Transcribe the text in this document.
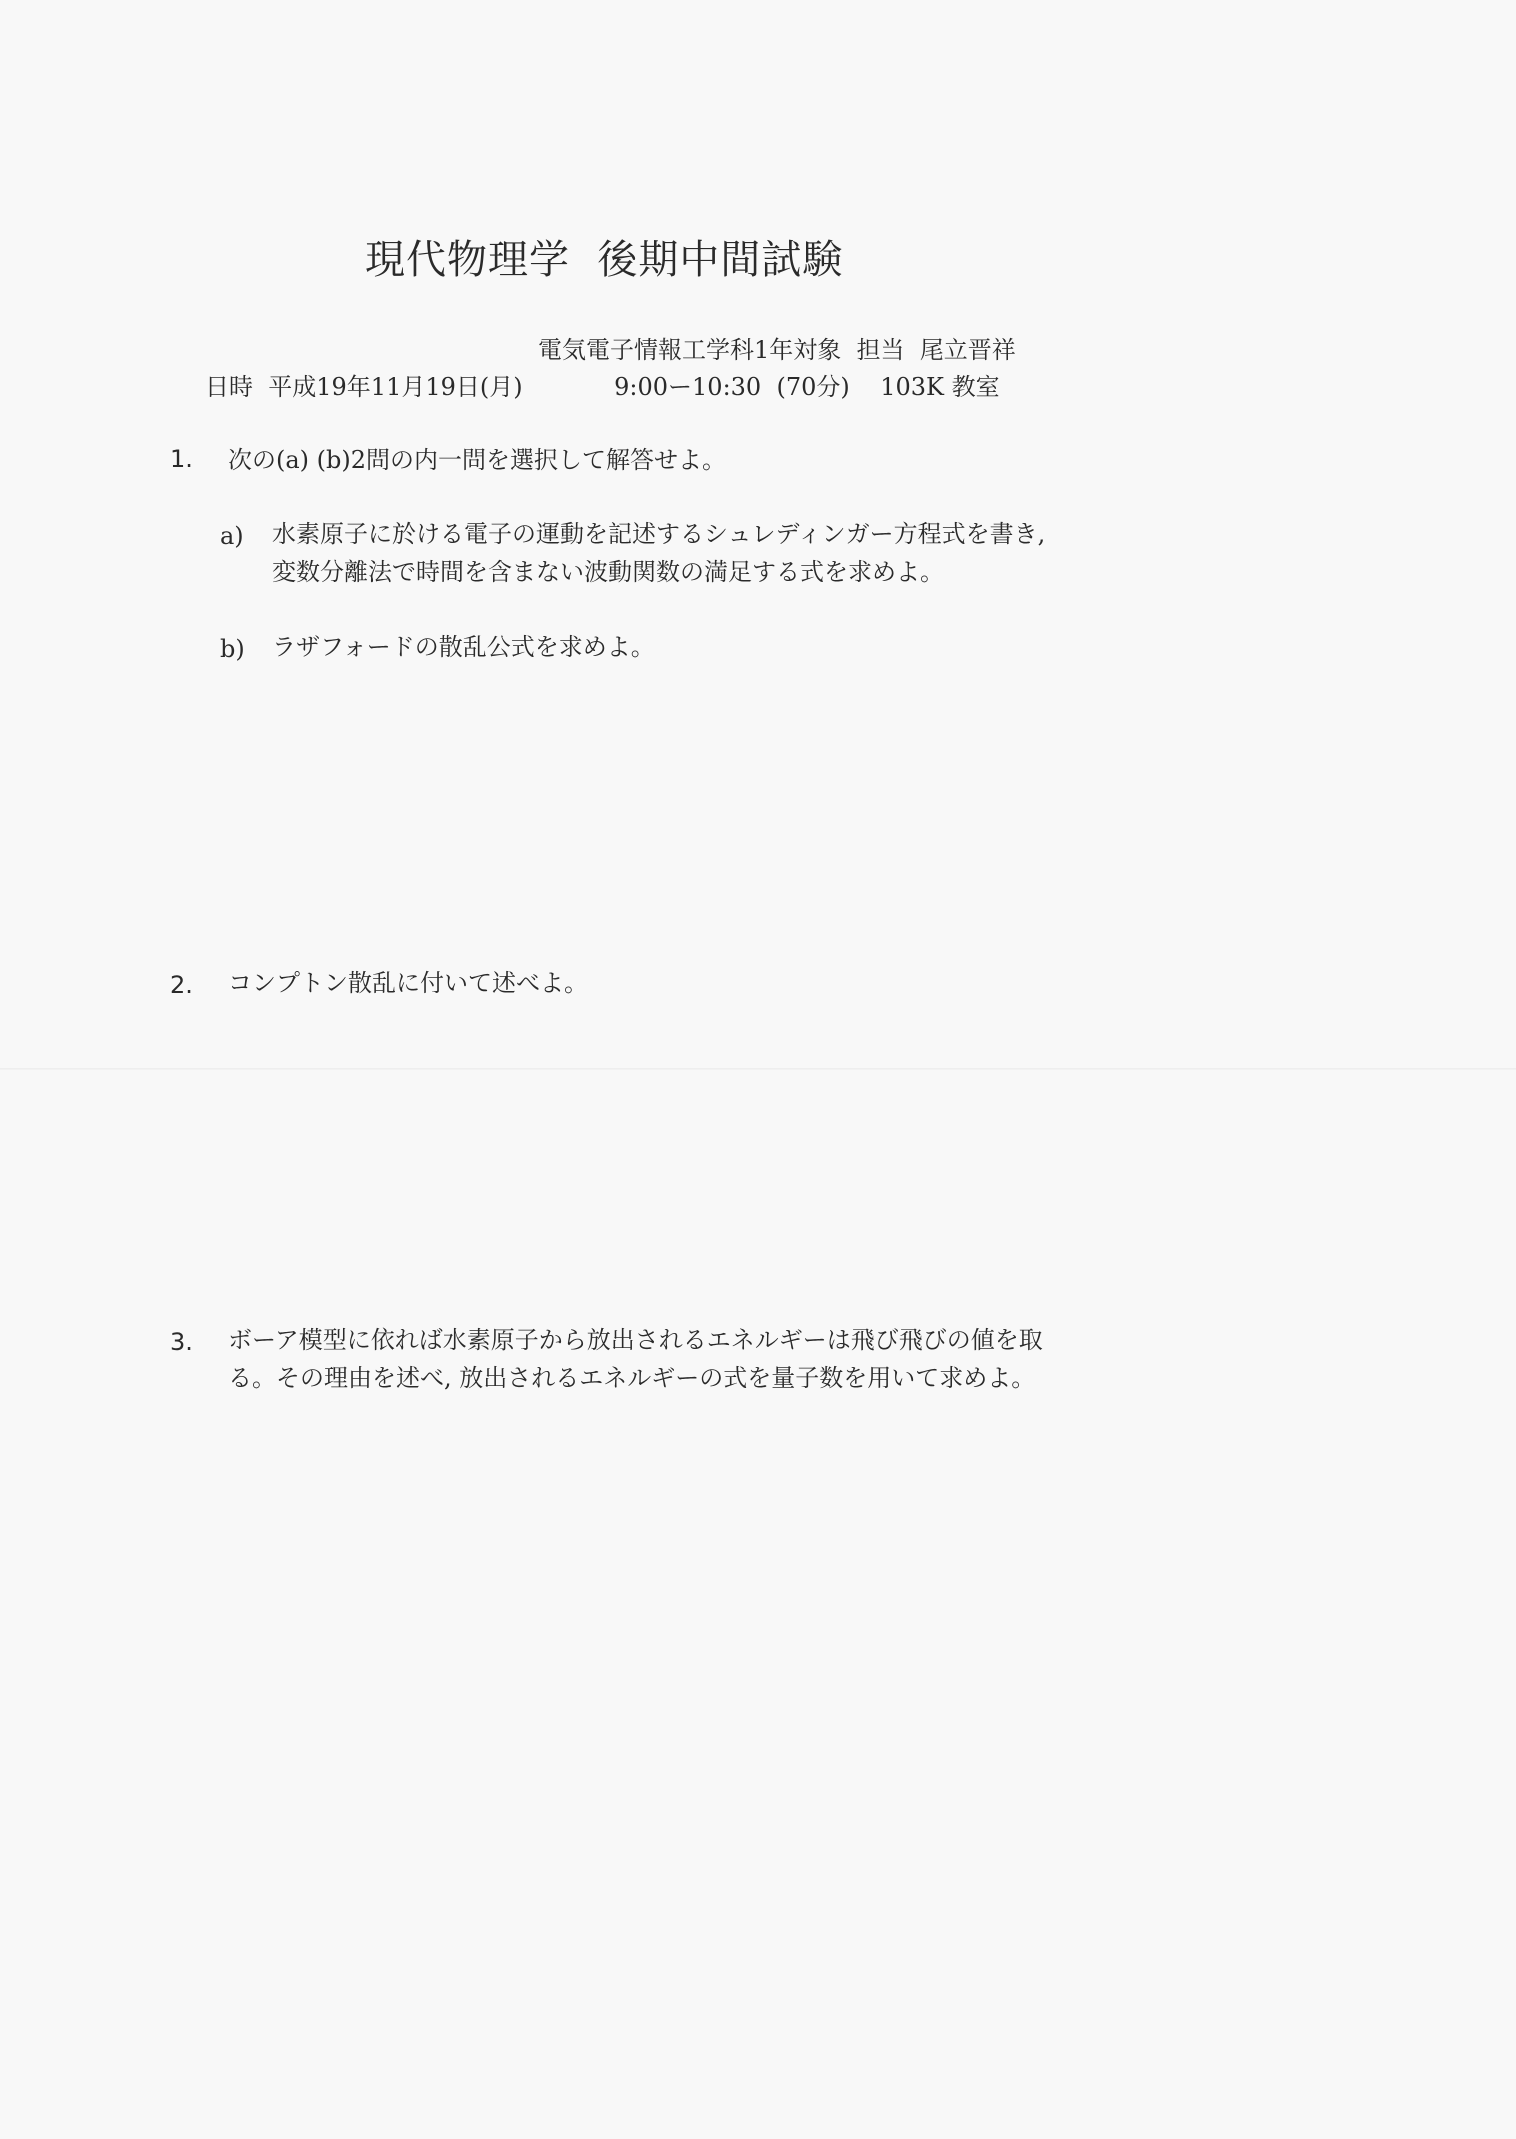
現代物理学  後期中間試験
電気電子情報工学科1年対象  担当  尾立晋祥
日時  平成19年11月19日(月)            9:00ー10:30  (70分)    103K 教室
1. 次の(a) (b)2問の内一問を選択して解答せよ。
a) 水素原子に於ける電子の運動を記述するシュレディンガー方程式を書き,
変数分離法で時間を含まない波動関数の満足する式を求めよ。
b) ラザフォードの散乱公式を求めよ。
2. コンプトン散乱に付いて述べよ。
3. ボーア模型に依れば水素原子から放出されるエネルギーは飛び飛びの値を取
る。その理由を述べ, 放出されるエネルギーの式を量子数を用いて求めよ。
